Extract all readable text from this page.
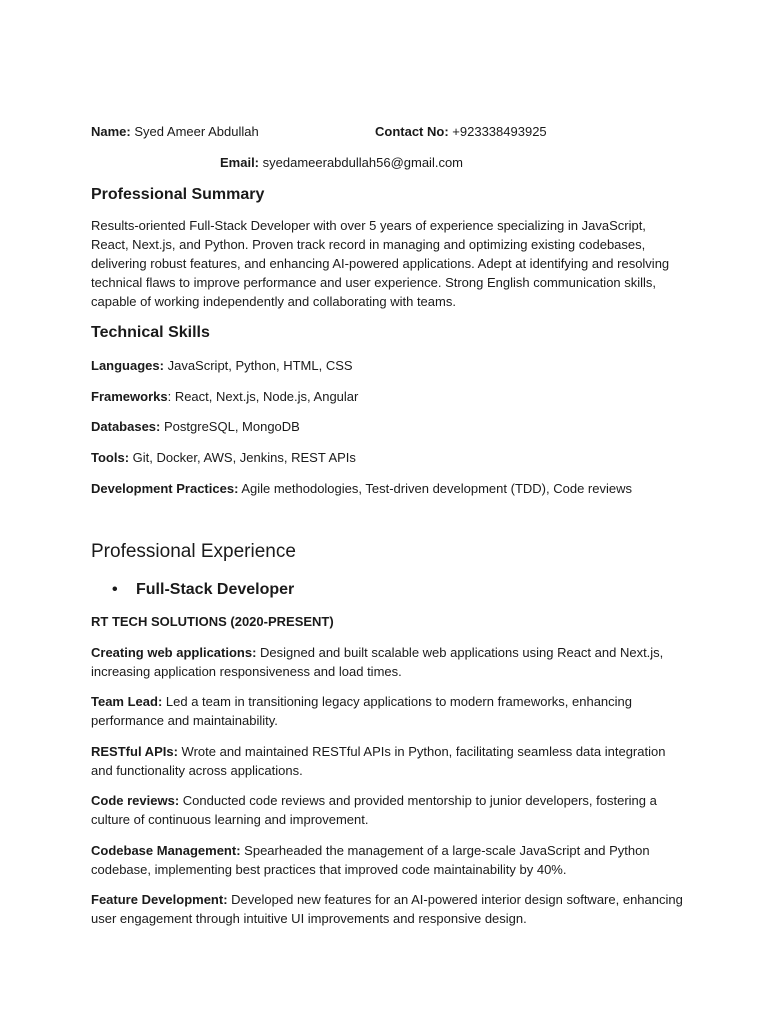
Name: Syed Ameer Abdullah	Contact No: +923338493925
Email: syedameerabdullah56@gmail.com
Professional Summary
Results-oriented Full-Stack Developer with over 5 years of experience specializing in JavaScript, React, Next.js, and Python. Proven track record in managing and optimizing existing codebases, delivering robust features, and enhancing AI-powered applications. Adept at identifying and resolving technical flaws to improve performance and user experience. Strong English communication skills, capable of working independently and collaborating with teams.
Technical Skills
Languages: JavaScript, Python, HTML, CSS
Frameworks: React, Next.js, Node.js, Angular
Databases: PostgreSQL, MongoDB
Tools: Git, Docker, AWS, Jenkins, REST APIs
Development Practices: Agile methodologies, Test-driven development (TDD), Code reviews
Professional Experience
• Full-Stack Developer
RT TECH SOLUTIONS (2020-PRESENT)
Creating web applications: Designed and built scalable web applications using React and Next.js, increasing application responsiveness and load times.
Team Lead: Led a team in transitioning legacy applications to modern frameworks, enhancing performance and maintainability.
RESTful APIs: Wrote and maintained RESTful APIs in Python, facilitating seamless data integration and functionality across applications.
Code reviews: Conducted code reviews and provided mentorship to junior developers, fostering a culture of continuous learning and improvement.
Codebase Management: Spearheaded the management of a large-scale JavaScript and Python codebase, implementing best practices that improved code maintainability by 40%.
Feature Development: Developed new features for an AI-powered interior design software, enhancing user engagement through intuitive UI improvements and responsive design.
